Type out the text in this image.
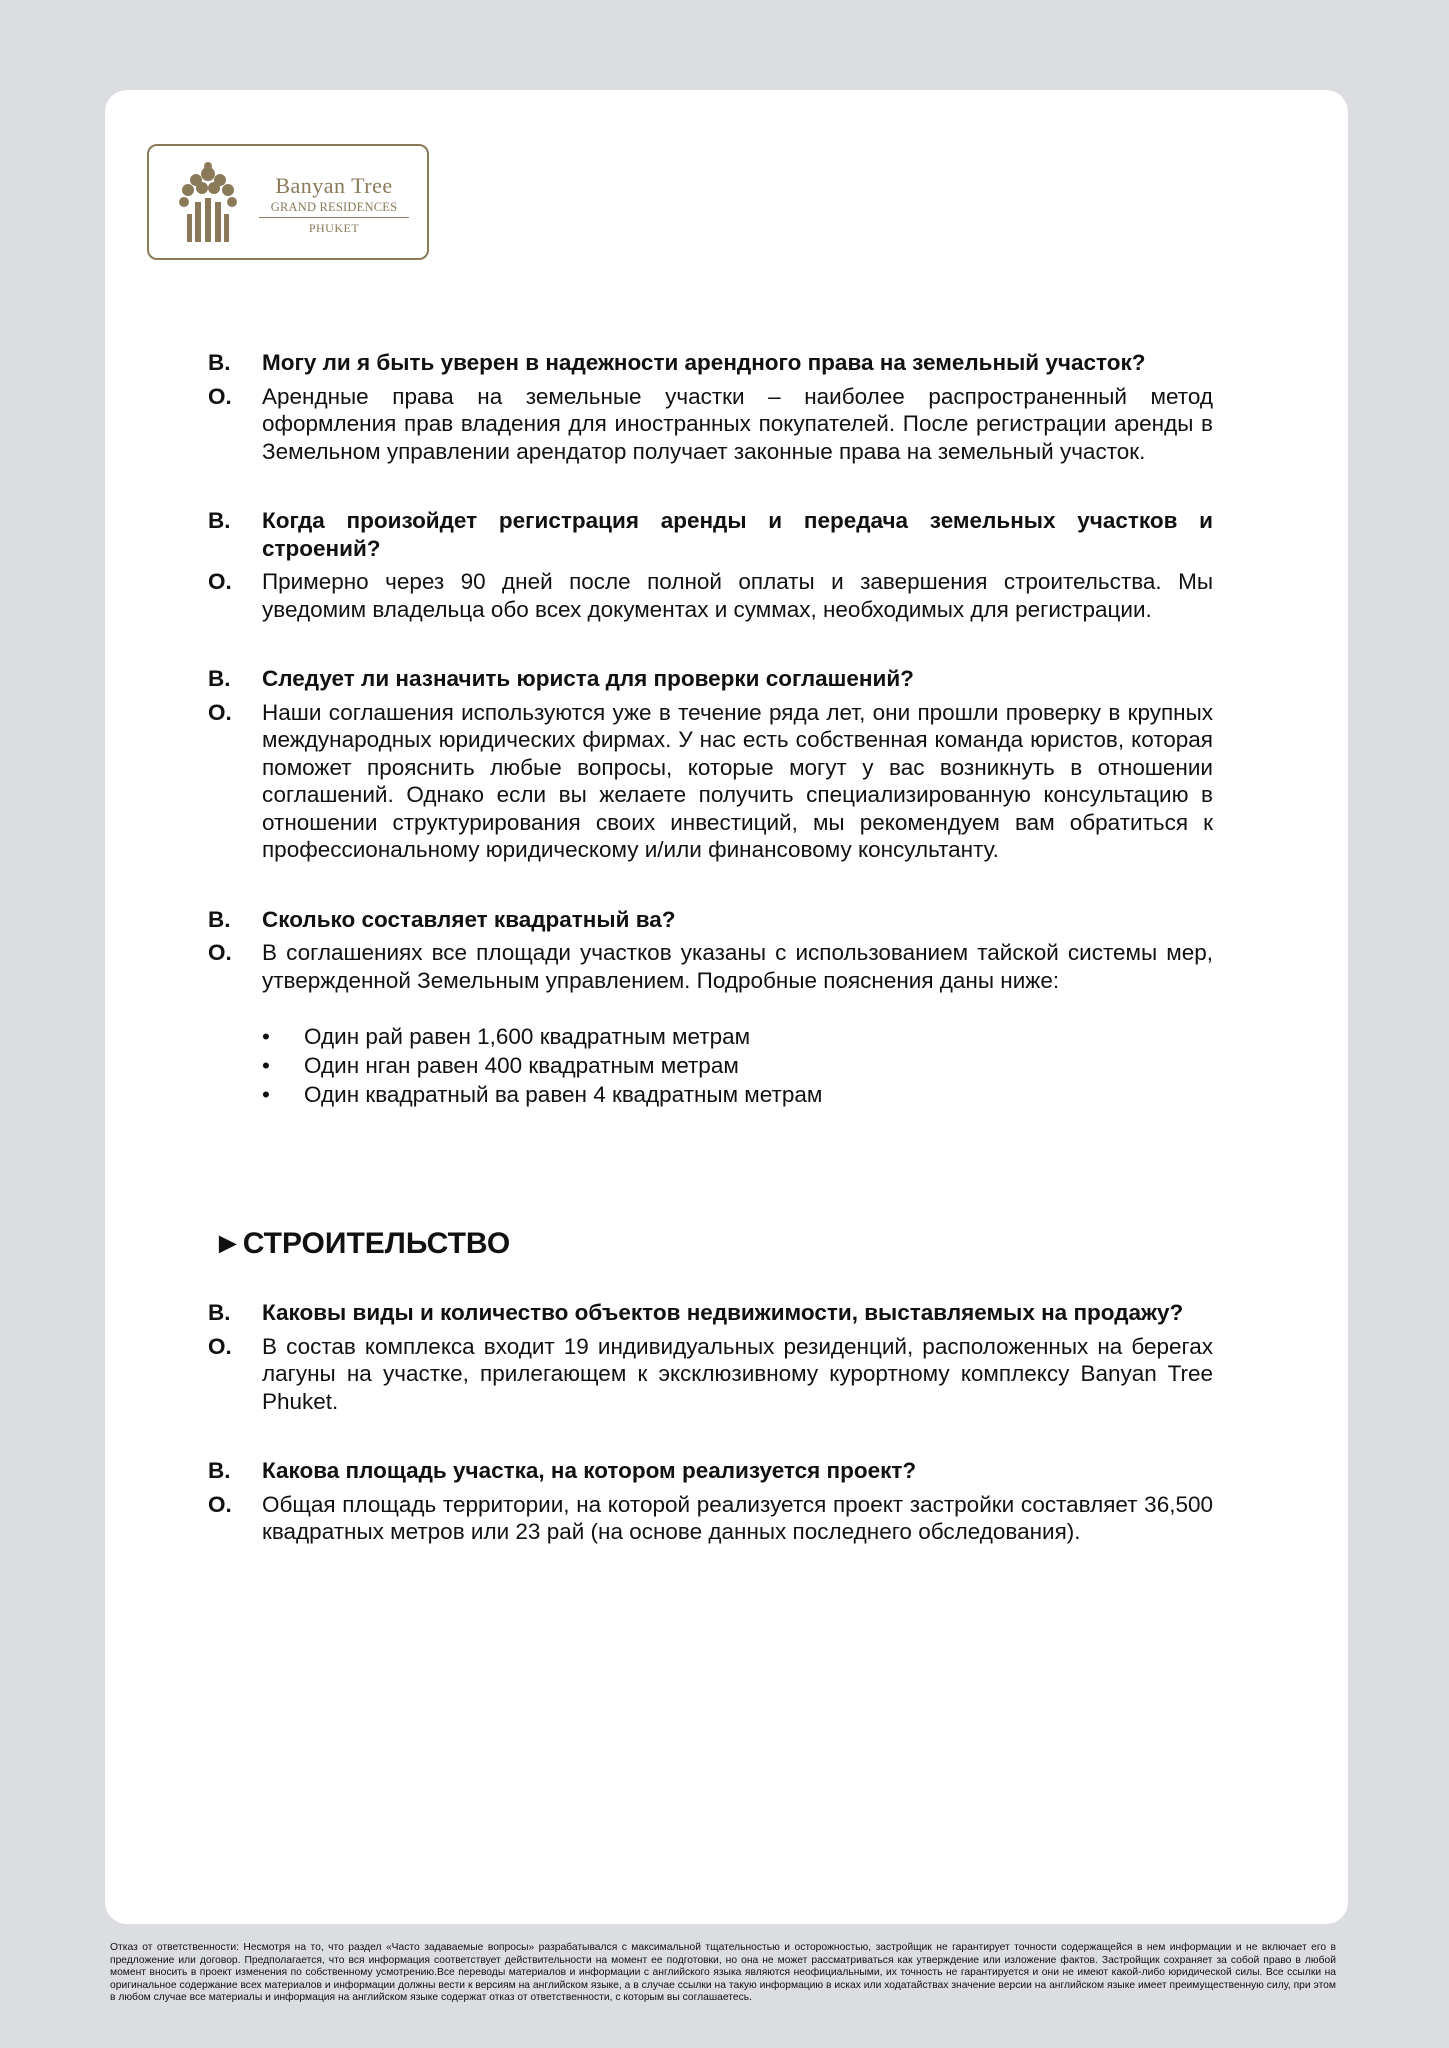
Banyan Tree
GRAND RESIDENCES
PHUKET
В.	Могу ли я быть уверен в надежности арендного права на земельный участок?
О.	Арендные права на земельные участки – наиболее распространенный метод оформления прав владения для иностранных покупателей. После регистрации аренды в Земельном управлении арендатор получает законные права на земельный участок.
В.	Когда произойдет регистрация аренды и передача земельных участков и строений?
О.	Примерно через 90 дней после полной оплаты и завершения строительства. Мы уведомим владельца обо всех документах и суммах, необходимых для регистрации.
В.	Следует ли назначить юриста для проверки соглашений?
О.	Наши соглашения используются уже в течение ряда лет, они прошли проверку в крупных международных юридических фирмах. У нас есть собственная команда юристов, которая поможет прояснить любые вопросы, которые могут у вас возникнуть в отношении соглашений. Однако если вы желаете получить специализированную консультацию в отношении структурирования своих инвестиций, мы рекомендуем вам обратиться к профессиональному юридическому и/или финансовому консультанту.
В.	Сколько составляет квадратный ва?
О.	В соглашениях все площади участков указаны с использованием тайской системы мер, утвержденной Земельным управлением. Подробные пояснения даны ниже:
• Один рай равен 1,600 квадратным метрам
• Один нган равен 400 квадратным метрам
• Один квадратный ва равен 4 квадратным метрам
►СТРОИТЕЛЬСТВО
В.	Каковы виды и количество объектов недвижимости, выставляемых на продажу?
О.	В состав комплекса входит 19 индивидуальных резиденций, расположенных на берегах лагуны на участке, прилегающем к эксклюзивному курортному комплексу Banyan Tree Phuket.
В.	Какова площадь участка, на котором реализуется проект?
О.	Общая площадь территории, на которой реализуется проект застройки составляет 36,500 квадратных метров или 23 рай (на основе данных последнего обследования).
Отказ от ответственности: Несмотря на то, что раздел «Часто задаваемые вопросы» разрабатывался с максимальной тщательностью и осторожностью, застройщик не гарантирует точности содержащейся в нем информации и не включает его в предложение или договор. Предполагается, что вся информация соответствует действительности на момент ее подготовки, но она не может рассматриваться как утверждение или изложение фактов. Застройщик сохраняет за собой право в любой момент вносить в проект изменения по собственному усмотрению.Все переводы материалов и информации с английского языка являются неофициальными, их точность не гарантируется и они не имеют какой-либо юридической силы. Все ссылки на оригинальное содержание всех материалов и информации должны вести к версиям на английском языке, а в случае ссылки на такую информацию в исках или ходатайствах значение версии на английском языке имеет преимущественную силу, при этом в любом случае все материалы и информация на английском языке содержат отказ от ответственности, с которым вы соглашаетесь.
